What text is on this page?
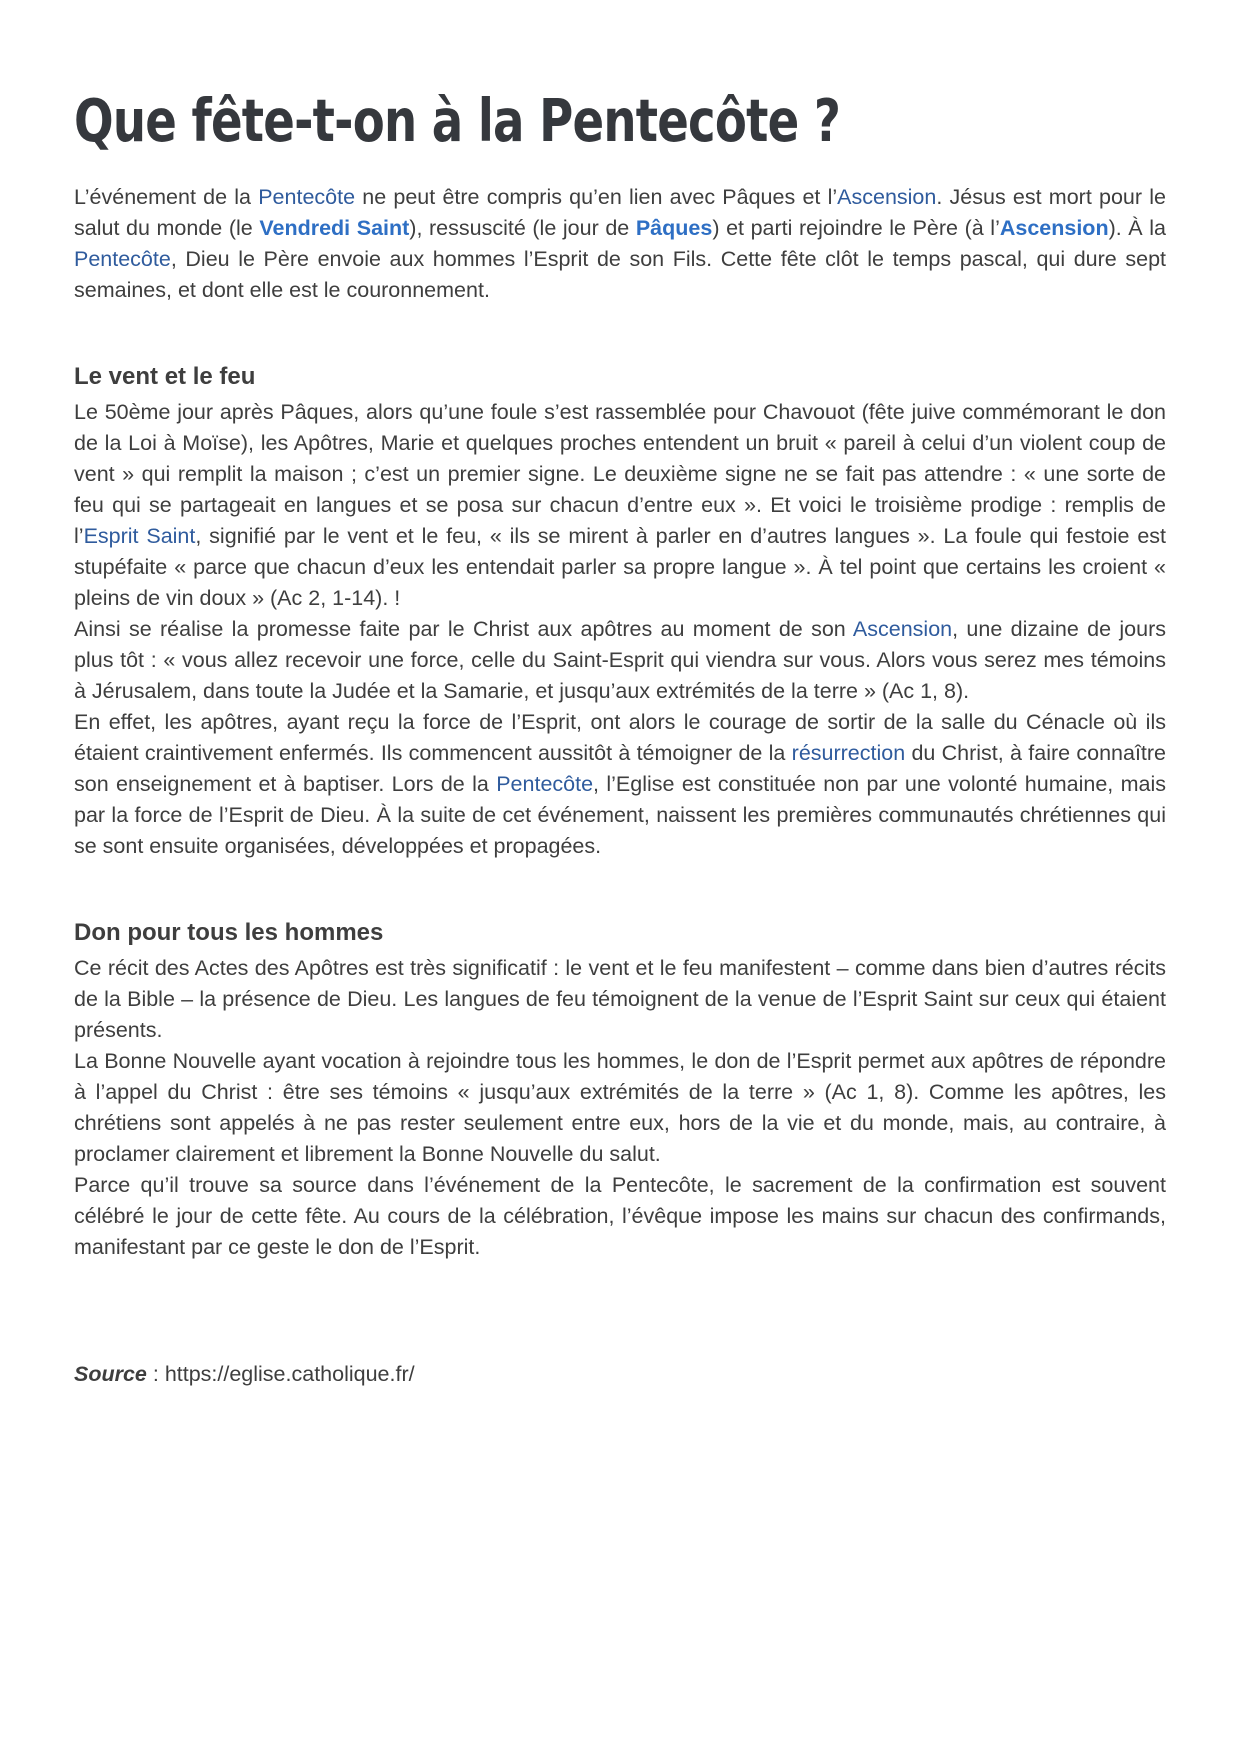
Que fête-t-on à la Pentecôte ?

L’événement de la Pentecôte ne peut être compris qu’en lien avec Pâques et l’Ascension. Jésus est mort pour le salut du monde (le Vendredi Saint), ressuscité (le jour de Pâques) et parti rejoindre le Père (à l’Ascension). À la Pentecôte, Dieu le Père envoie aux hommes l’Esprit de son Fils. Cette fête clôt le temps pascal, qui dure sept semaines, et dont elle est le couronnement.

Le vent et le feu

Le 50ème jour après Pâques, alors qu’une foule s’est rassemblée pour Chavouot (fête juive commémorant le don de la Loi à Moïse), les Apôtres, Marie et quelques proches entendent un bruit « pareil à celui d’un violent coup de vent » qui remplit la maison ; c’est un premier signe. Le deuxième signe ne se fait pas attendre : « une sorte de feu qui se partageait en langues et se posa sur chacun d’entre eux ». Et voici le troisième prodige : remplis de l’Esprit Saint, signifié par le vent et le feu, « ils se mirent à parler en d’autres langues ». La foule qui festoie est stupéfaite « parce que chacun d’eux les entendait parler sa propre langue ». À tel point que certains les croient « pleins de vin doux » (Ac 2, 1-14). !

Ainsi se réalise la promesse faite par le Christ aux apôtres au moment de son Ascension, une dizaine de jours plus tôt : « vous allez recevoir une force, celle du Saint-Esprit qui viendra sur vous. Alors vous serez mes témoins à Jérusalem, dans toute la Judée et la Samarie, et jusqu’aux extrémités de la terre » (Ac 1, 8).

En effet, les apôtres, ayant reçu la force de l’Esprit, ont alors le courage de sortir de la salle du Cénacle où ils étaient craintivement enfermés. Ils commencent aussitôt à témoigner de la résurrection du Christ, à faire connaître son enseignement et à baptiser. Lors de la Pentecôte, l’Eglise est constituée non par une volonté humaine, mais par la force de l’Esprit de Dieu. À la suite de cet événement, naissent les premières communautés chrétiennes qui se sont ensuite organisées, développées et propagées.

Don pour tous les hommes

Ce récit des Actes des Apôtres est très significatif : le vent et le feu manifestent – comme dans bien d’autres récits de la Bible – la présence de Dieu. Les langues de feu témoignent de la venue de l’Esprit Saint sur ceux qui étaient présents.

La Bonne Nouvelle ayant vocation à rejoindre tous les hommes, le don de l’Esprit permet aux apôtres de répondre à l’appel du Christ : être ses témoins « jusqu’aux extrémités de la terre » (Ac 1, 8). Comme les apôtres, les chrétiens sont appelés à ne pas rester seulement entre eux, hors de la vie et du monde, mais, au contraire, à proclamer clairement et librement la Bonne Nouvelle du salut.

Parce qu’il trouve sa source dans l’événement de la Pentecôte, le sacrement de la confirmation est souvent célébré le jour de cette fête. Au cours de la célébration, l’évêque impose les mains sur chacun des confirmands, manifestant par ce geste le don de l’Esprit.

Source : https://eglise.catholique.fr/
